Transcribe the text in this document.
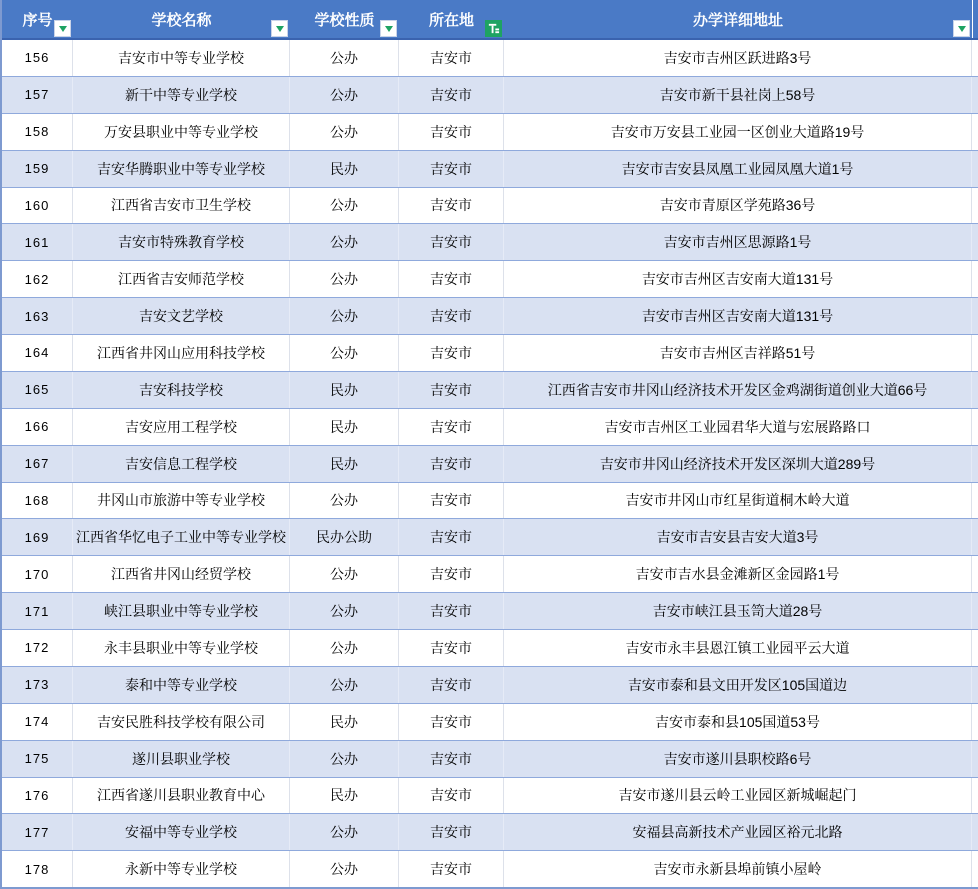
序号	学校名称	学校性质	所在地	办学详细地址
156	吉安市中等专业学校	公办	吉安市	吉安市吉州区跃进路3号
157	新干中等专业学校	公办	吉安市	吉安市新干县社岗上58号
158	万安县职业中等专业学校	公办	吉安市	吉安市万安县工业园一区创业大道路19号
159	吉安华腾职业中等专业学校	民办	吉安市	吉安市吉安县凤凰工业园凤凰大道1号
160	江西省吉安市卫生学校	公办	吉安市	吉安市青原区学苑路36号
161	吉安市特殊教育学校	公办	吉安市	吉安市吉州区思源路1号
162	江西省吉安师范学校	公办	吉安市	吉安市吉州区吉安南大道131号
163	吉安文艺学校	公办	吉安市	吉安市吉州区吉安南大道131号
164	江西省井冈山应用科技学校	公办	吉安市	吉安市吉州区吉祥路51号
165	吉安科技学校	民办	吉安市	江西省吉安市井冈山经济技术开发区金鸡湖街道创业大道66号
166	吉安应用工程学校	民办	吉安市	吉安市吉州区工业园君华大道与宏展路路口
167	吉安信息工程学校	民办	吉安市	吉安市井冈山经济技术开发区深圳大道289号
168	井冈山市旅游中等专业学校	公办	吉安市	吉安市井冈山市红星街道桐木岭大道
169	江西省华忆电子工业中等专业学校	民办公助	吉安市	吉安市吉安县吉安大道3号
170	江西省井冈山经贸学校	公办	吉安市	吉安市吉水县金滩新区金园路1号
171	峡江县职业中等专业学校	公办	吉安市	吉安市峡江县玉笥大道28号
172	永丰县职业中等专业学校	公办	吉安市	吉安市永丰县恩江镇工业园平云大道
173	泰和中等专业学校	公办	吉安市	吉安市泰和县文田开发区105国道边
174	吉安民胜科技学校有限公司	民办	吉安市	吉安市泰和县105国道53号
175	遂川县职业学校	公办	吉安市	吉安市遂川县职校路6号
176	江西省遂川县职业教育中心	民办	吉安市	吉安市遂川县云岭工业园区新城崛起门
177	安福中等专业学校	公办	吉安市	安福县高新技术产业园区裕元北路
178	永新中等专业学校	公办	吉安市	吉安市永新县埠前镇小屋岭
